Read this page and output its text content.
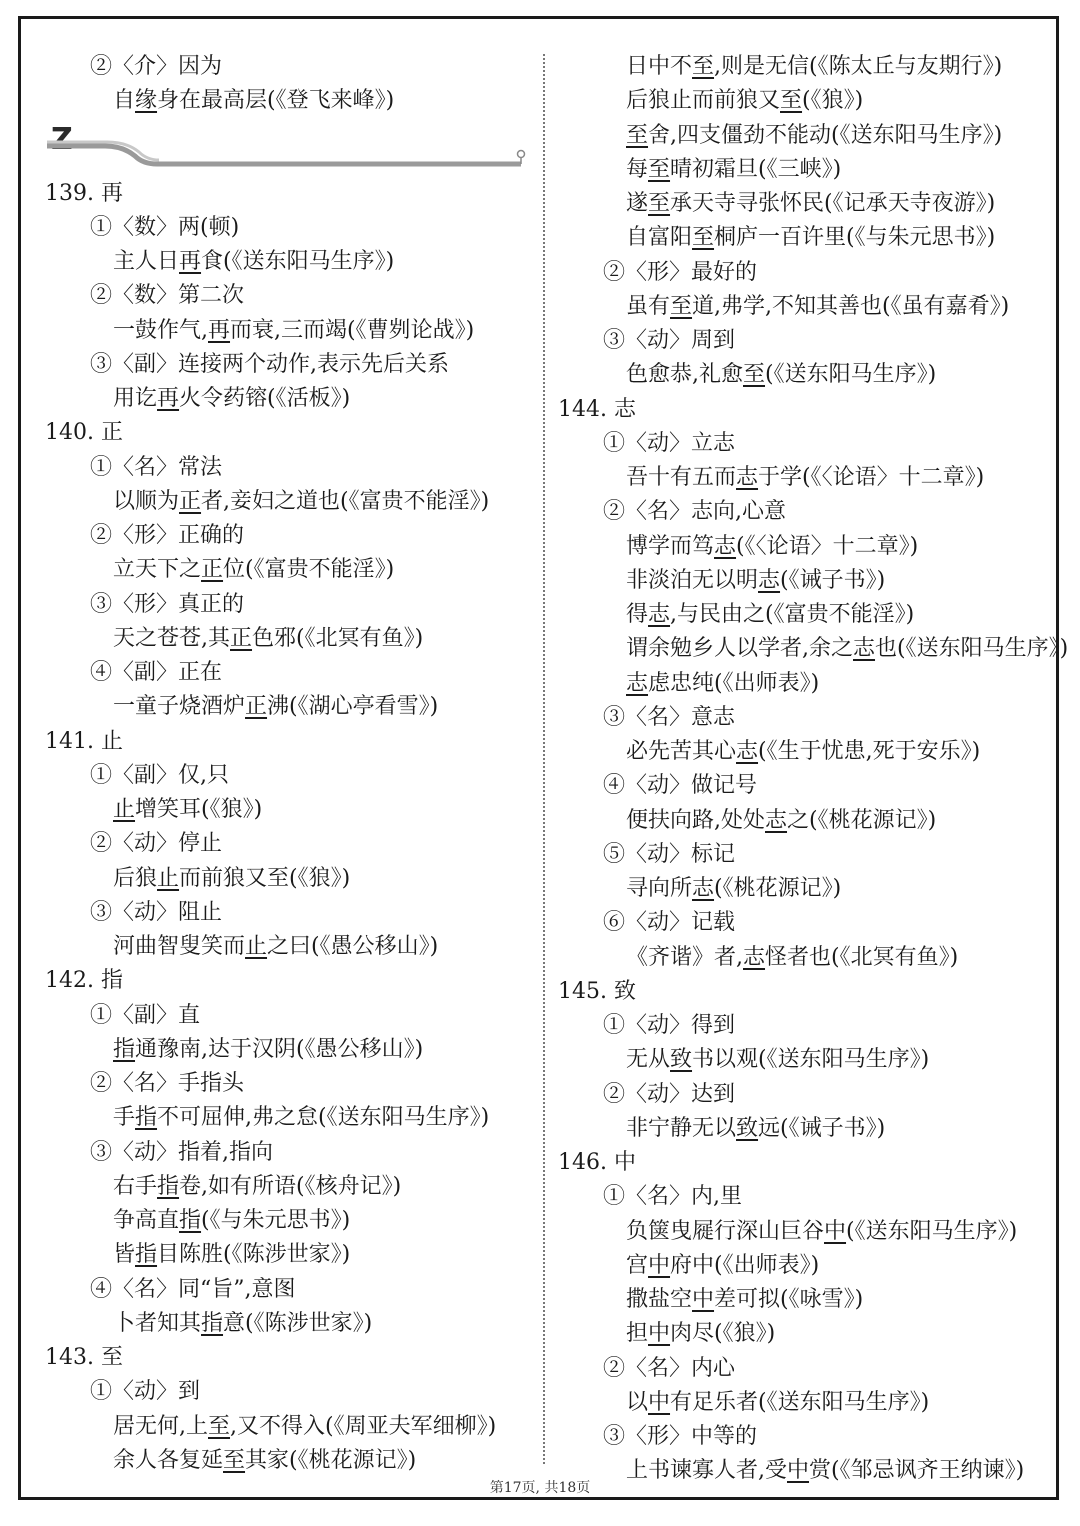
Z
②〈介〉因为
自缘身在最高层(《登飞来峰》)
139. 再
①〈数〉两(顿)
主人日再食(《送东阳马生序》)
②〈数〉第二次
一鼓作气,再而衰,三而竭(《曹刿论战》)
③〈副〉连接两个动作,表示先后关系
用讫再火令药镕(《活板》)
140. 正
①〈名〉常法
以顺为正者,妾妇之道也(《富贵不能淫》)
②〈形〉正确的
立天下之正位(《富贵不能淫》)
③〈形〉真正的
天之苍苍,其正色邪(《北冥有鱼》)
④〈副〉正在
一童子烧酒炉正沸(《湖心亭看雪》)
141. 止
①〈副〉仅,只
止增笑耳(《狼》)
②〈动〉停止
后狼止而前狼又至(《狼》)
③〈动〉阻止
河曲智叟笑而止之曰(《愚公移山》)
142. 指
①〈副〉直
指通豫南,达于汉阴(《愚公移山》)
②〈名〉手指头
手指不可屈伸,弗之怠(《送东阳马生序》)
③〈动〉指着,指向
右手指卷,如有所语(《核舟记》)
争高直指(《与朱元思书》)
皆指目陈胜(《陈涉世家》)
④〈名〉同“旨”,意图
卜者知其指意(《陈涉世家》)
143. 至
①〈动〉到
居无何,上至,又不得入(《周亚夫军细柳》)
余人各复延至其家(《桃花源记》)
日中不至,则是无信(《陈太丘与友期行》)
后狼止而前狼又至(《狼》)
至舍,四支僵劲不能动(《送东阳马生序》)
每至晴初霜旦(《三峡》)
遂至承天寺寻张怀民(《记承天寺夜游》)
自富阳至桐庐一百许里(《与朱元思书》)
②〈形〉最好的
虽有至道,弗学,不知其善也(《虽有嘉肴》)
③〈动〉周到
色愈恭,礼愈至(《送东阳马生序》)
144. 志
①〈动〉立志
吾十有五而志于学(《〈论语〉十二章》)
②〈名〉志向,心意
博学而笃志(《〈论语〉十二章》)
非淡泊无以明志(《诫子书》)
得志,与民由之(《富贵不能淫》)
谓余勉乡人以学者,余之志也(《送东阳马生序》)
志虑忠纯(《出师表》)
③〈名〉意志
必先苦其心志(《生于忧患,死于安乐》)
④〈动〉做记号
便扶向路,处处志之(《桃花源记》)
⑤〈动〉标记
寻向所志(《桃花源记》)
⑥〈动〉记载
《齐谐》者,志怪者也(《北冥有鱼》)
145. 致
①〈动〉得到
无从致书以观(《送东阳马生序》)
②〈动〉达到
非宁静无以致远(《诫子书》)
146. 中
①〈名〉内,里
负箧曳屣行深山巨谷中(《送东阳马生序》)
宫中府中(《出师表》)
撒盐空中差可拟(《咏雪》)
担中肉尽(《狼》)
②〈名〉内心
以中有足乐者(《送东阳马生序》)
③〈形〉中等的
上书谏寡人者,受中赏(《邹忌讽齐王纳谏》)
第17页, 共18页
